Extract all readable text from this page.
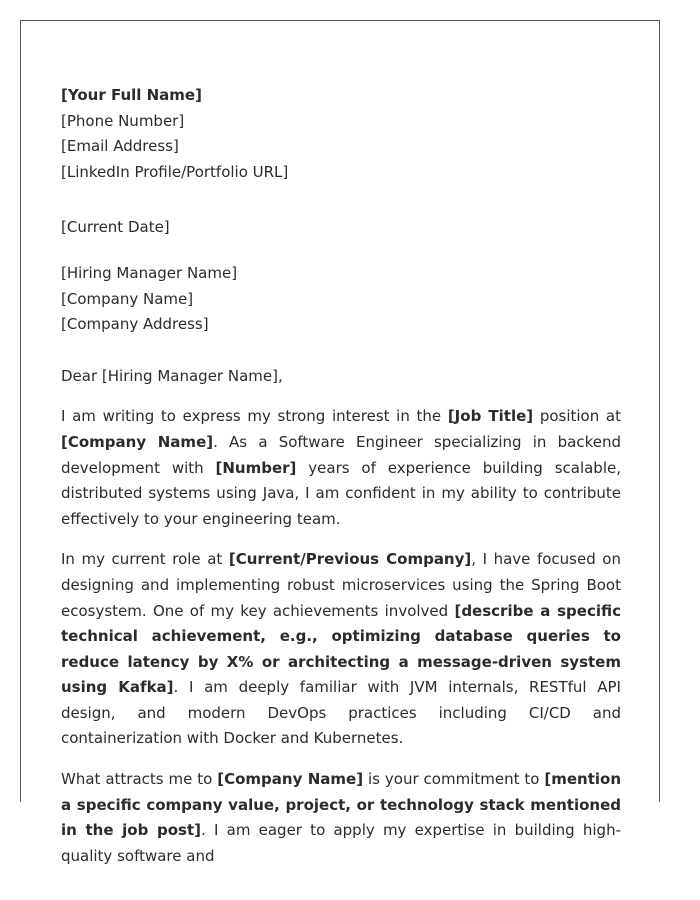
[Your Full Name]
[Phone Number]
[Email Address]
[LinkedIn Profile/Portfolio URL]
[Current Date]
[Hiring Manager Name]
[Company Name]
[Company Address]

Dear [Hiring Manager Name],

I am writing to express my strong interest in the [Job Title] position at [Company Name]. As a Software Engineer specializing in backend development with [Number] years of experience building scalable, distributed systems using Java, I am confident in my ability to contribute effectively to your engineering team.

In my current role at [Current/Previous Company], I have focused on designing and implementing robust microservices using the Spring Boot ecosystem. One of my key achievements involved [describe a specific technical achievement, e.g., optimizing database queries to reduce latency by X% or architecting a message-driven system using Kafka]. I am deeply familiar with JVM internals, RESTful API design, and modern DevOps practices including CI/CD and containerization with Docker and Kubernetes.

What attracts me to [Company Name] is your commitment to [mention a specific company value, project, or technology stack mentioned in the job post]. I am eager to apply my expertise in building high-quality software and
